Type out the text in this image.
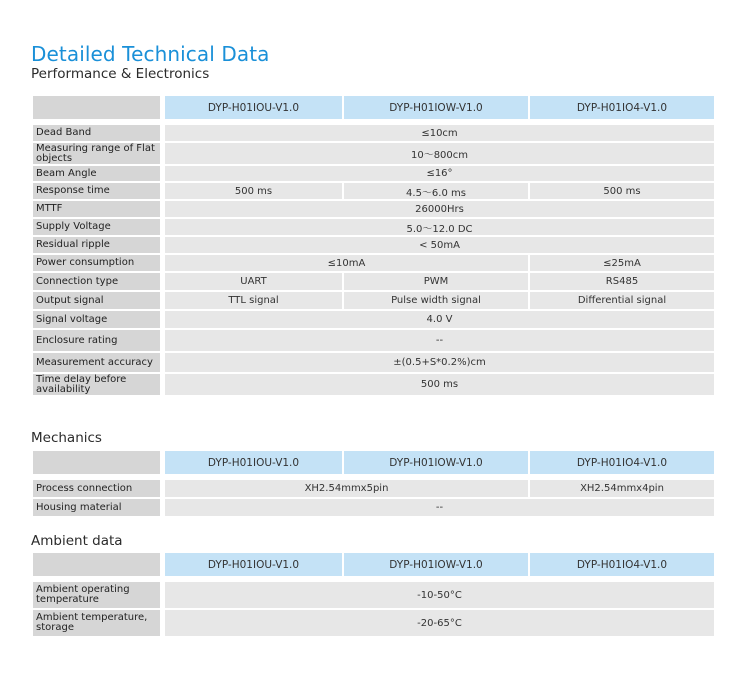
Detailed Technical Data
Performance & Electronics
DYP-H01IOU-V1.0	DYP-H01IOW-V1.0	DYP-H01IO4-V1.0
Dead Band	≤10cm
Measuring range of Flat objects	10～800cm
Beam Angle	≤16°
Response time	500 ms	4.5～6.0 ms	500 ms
MTTF	26000Hrs
Supply Voltage	5.0～12.0 DC
Residual ripple	< 50mA
Power consumption	≤10mA	≤25mA
Connection type	UART	PWM	RS485
Output signal	TTL signal	Pulse width signal	Differential signal
Signal voltage	4.0 V
Enclosure rating	--
Measurement accuracy	±(0.5+S*0.2%)cm
Time delay before availability	500 ms
Mechanics
DYP-H01IOU-V1.0	DYP-H01IOW-V1.0	DYP-H01IO4-V1.0
Process connection	XH2.54mmx5pin	XH2.54mmx4pin
Housing material	--
Ambient data
DYP-H01IOU-V1.0	DYP-H01IOW-V1.0	DYP-H01IO4-V1.0
Ambient operating temperature	-10-50°C
Ambient temperature, storage	-20-65°C
